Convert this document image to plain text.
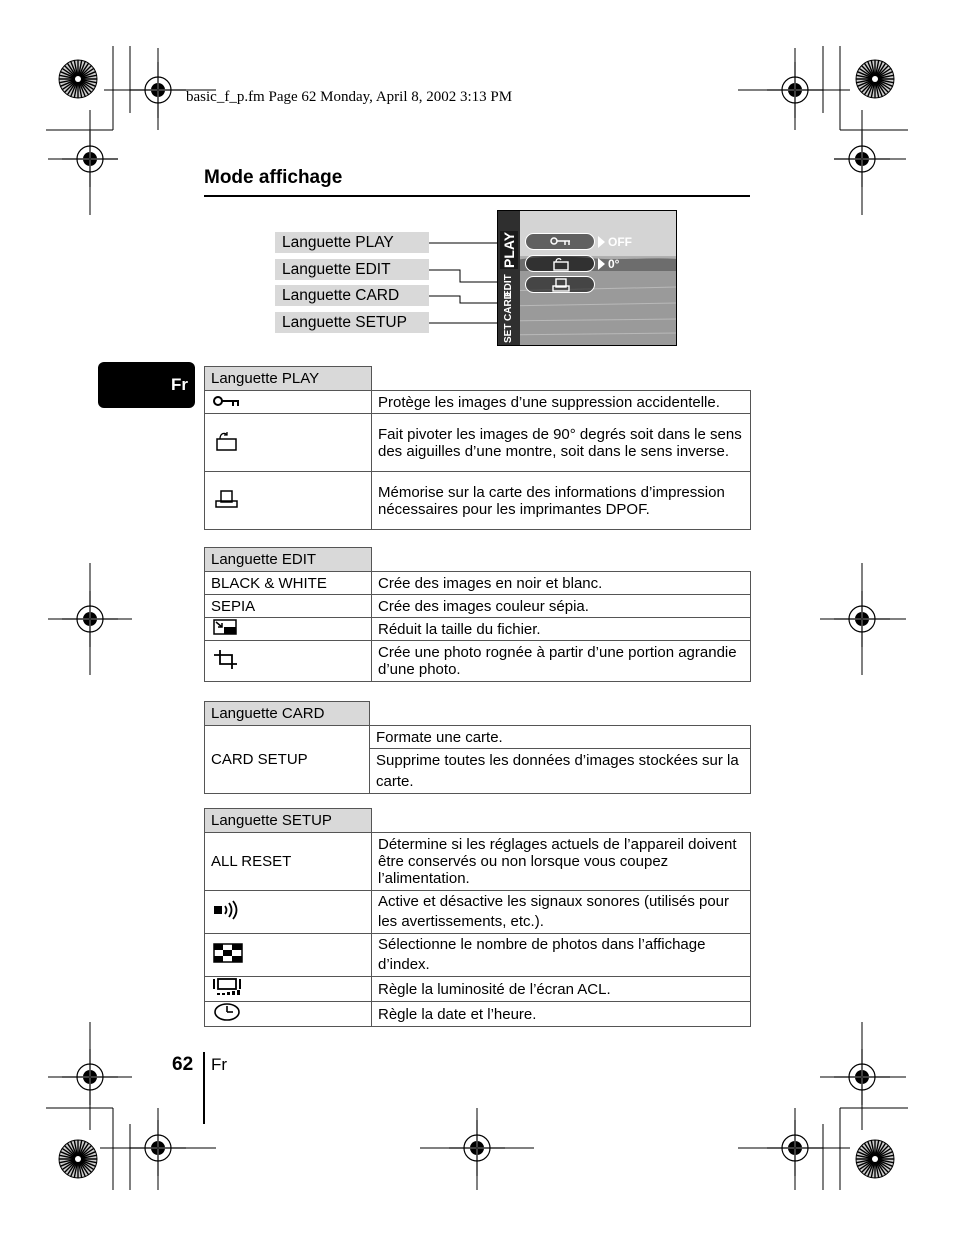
basic_f_p.fm Page 62 Monday, April 8, 2002 3:13 PM
Mode affichage
Languette PLAY
Languette EDIT
Languette CARD
Languette SETUP
PLAY
EDIT
CARD
SET
OFF
0°
Fr	Languette PLAY	
	Protège les images d’une suppression accidentelle.
	Fait pivoter les images de 90° degrés soit dans le sens des aiguilles d’une montre, soit dans le sens inverse.
	Mémorise sur la carte des informations d’impression nécessaires pour les imprimantes DPOF.
Languette EDIT	
BLACK & WHITE	Crée des images en noir et blanc.
SEPIA	Crée des images couleur sépia.
	Réduit la taille du fichier.
	Crée une photo rognée à partir d’une portion agrandie d’une photo.
Languette CARD	
CARD SETUP	Formate une carte.
	Supprime toutes les données d’images stockées sur la carte.
Languette SETUP	
ALL RESET	Détermine si les réglages actuels de l’appareil doivent être conservés ou non lorsque vous coupez l’alimentation.
	Active et désactive les signaux sonores (utilisés pour les avertissements, etc.).
	Sélectionne le nombre de photos dans l’affichage d’index.
	Règle la luminosité de l’écran ACL.
	Règle la date et l’heure.
62 Fr
